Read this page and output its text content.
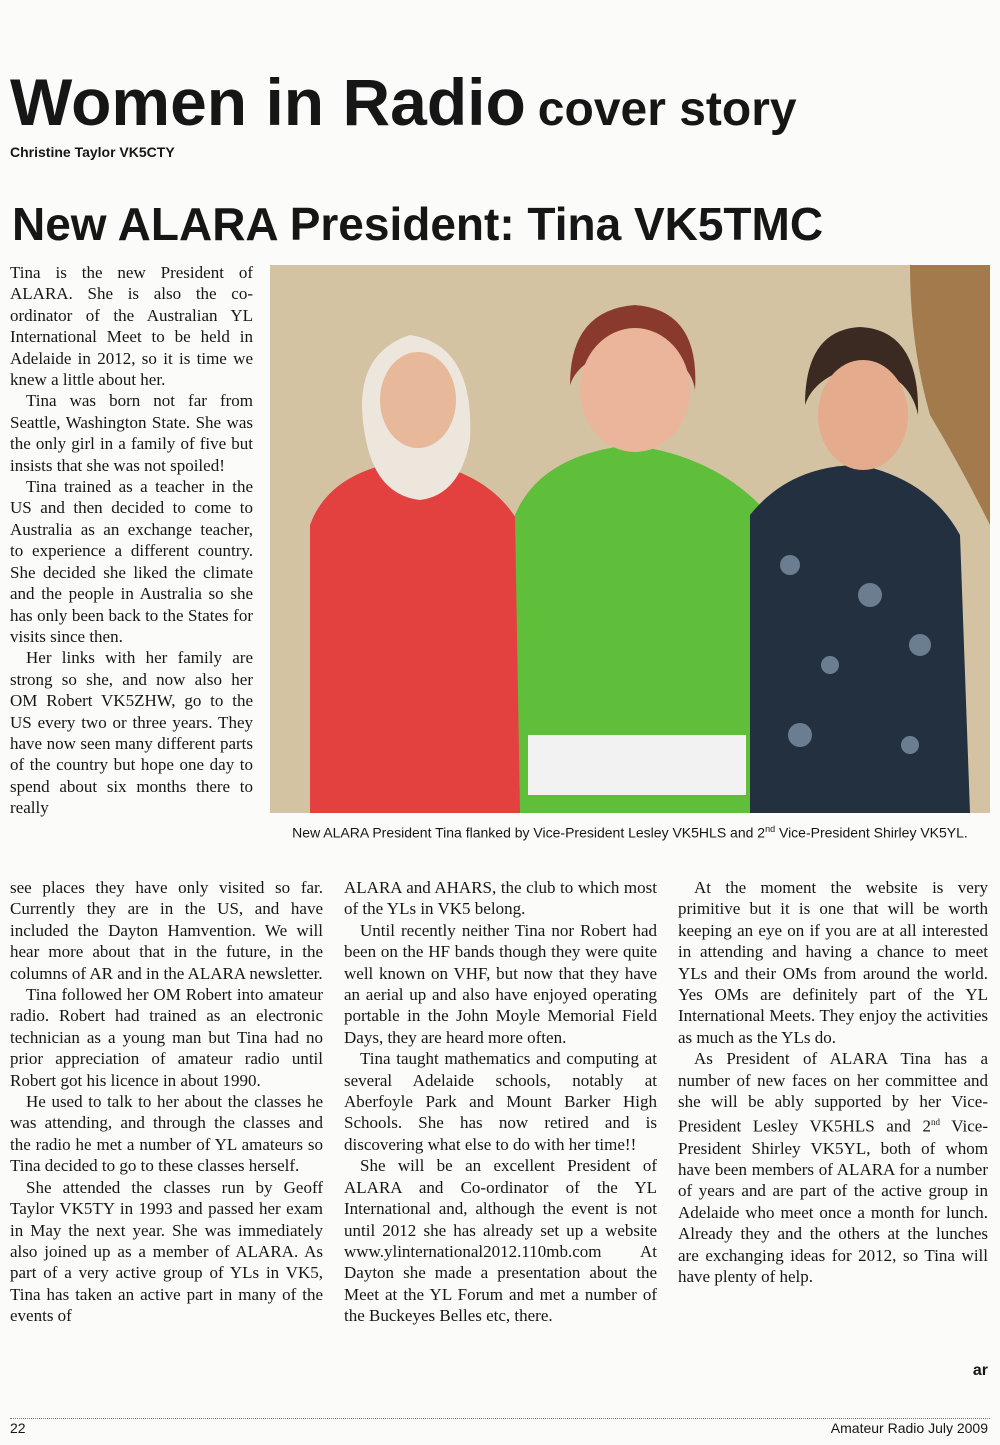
Women in Radio cover story
Christine Taylor VK5CTY
New ALARA President: Tina VK5TMC

Tina is the new President of ALARA. She is also the co-ordinator of the Australian YL International Meet to be held in Adelaide in 2012, so it is time we knew a little about her.

Tina was born not far from Seattle, Washington State. She was the only girl in a family of five but insists that she was not spoiled!

Tina trained as a teacher in the US and then decided to come to Australia as an exchange teacher, to experience a different country. She decided she liked the climate and the people in Australia so she has only been back to the States for visits since then.

Her links with her family are strong so she, and now also her OM Robert VK5ZHW, go to the US every two or three years. They have now seen many different parts of the country but hope one day to spend about six months there to really

New ALARA President Tina flanked by Vice-President Lesley VK5HLS and 2nd Vice-President Shirley VK5YL.

see places they have only visited so far. Currently they are in the US, and have included the Dayton Hamvention. We will hear more about that in the future, in the columns of AR and in the ALARA newsletter.

Tina followed her OM Robert into amateur radio. Robert had trained as an electronic technician as a young man but Tina had no prior appreciation of amateur radio until Robert got his licence in about 1990.

He used to talk to her about the classes he was attending, and through the classes and the radio he met a number of YL amateurs so Tina decided to go to these classes herself.

She attended the classes run by Geoff Taylor VK5TY in 1993 and passed her exam in May the next year. She was immediately also joined up as a member of ALARA. As part of a very active group of YLs in VK5, Tina has taken an active part in many of the events of

ALARA and AHARS, the club to which most of the YLs in VK5 belong.

Until recently neither Tina nor Robert had been on the HF bands though they were quite well known on VHF, but now that they have an aerial up and also have enjoyed operating portable in the John Moyle Memorial Field Days, they are heard more often.

Tina taught mathematics and computing at several Adelaide schools, notably at Aberfoyle Park and Mount Barker High Schools. She has now retired and is discovering what else to do with her time!!

She will be an excellent President of ALARA and Co-ordinator of the YL International and, although the event is not until 2012 she has already set up a website www.ylinternational2012.110mb.com At Dayton she made a presentation about the Meet at the YL Forum and met a number of the Buckeyes Belles etc, there.

At the moment the website is very primitive but it is one that will be worth keeping an eye on if you are at all interested in attending and having a chance to meet YLs and their OMs from around the world. Yes OMs are definitely part of the YL International Meets. They enjoy the activities as much as the YLs do.

As President of ALARA Tina has a number of new faces on her committee and she will be ably supported by her Vice-President Lesley VK5HLS and 2nd Vice-President Shirley VK5YL, both of whom have been members of ALARA for a number of years and are part of the active group in Adelaide who meet once a month for lunch. Already they and the others at the lunches are exchanging ideas for 2012, so Tina will have plenty of help.

ar
22	Amateur Radio July 2009
